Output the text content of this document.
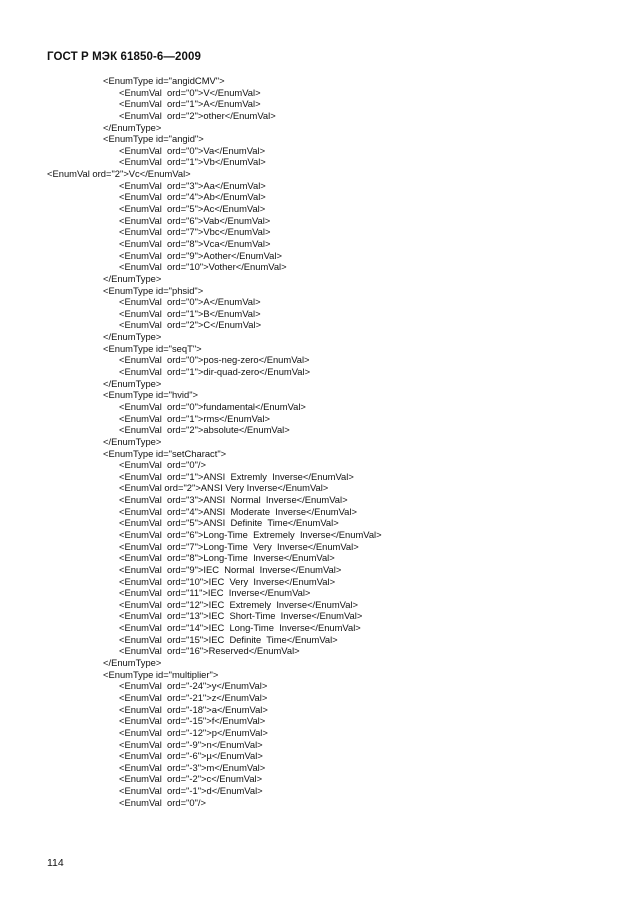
ГОСТ Р МЭК 61850-6—2009
<EnumType id="angidCMV">
<EnumVal  ord="0">V</EnumVal>
<EnumVal  ord="1">A</EnumVal>
<EnumVal  ord="2">other</EnumVal>
</EnumType>
<EnumType id="angid">
<EnumVal  ord="0">Va</EnumVal>
<EnumVal  ord="1">Vb</EnumVal>
<EnumVal ord="2">Vc</EnumVal>
<EnumVal  ord="3">Aa</EnumVal>
<EnumVal  ord="4">Ab</EnumVal>
<EnumVal  ord="5">Ac</EnumVal>
<EnumVal  ord="6">Vab</EnumVal>
<EnumVal  ord="7">Vbc</EnumVal>
<EnumVal  ord="8">Vca</EnumVal>
<EnumVal  ord="9">Aother</EnumVal>
<EnumVal  ord="10">Vother</EnumVal>
</EnumType>
<EnumType id="phsid">
<EnumVal  ord="0">A</EnumVal>
<EnumVal  ord="1">B</EnumVal>
<EnumVal  ord="2">C</EnumVal>
</EnumType>
<EnumType id="seqT">
<EnumVal  ord="0">pos-neg-zero</EnumVal>
<EnumVal  ord="1">dir-quad-zero</EnumVal>
</EnumType>
<EnumType id="hvid">
<EnumVal  ord="0">fundamental</EnumVal>
<EnumVal  ord="1">rms</EnumVal>
<EnumVal  ord="2">absolute</EnumVal>
</EnumType>
<EnumType id="setCharact">
<EnumVal  ord="0"/>
<EnumVal  ord="1">ANSI  Extremly  Inverse</EnumVal>
<EnumVal ord="2">ANSI Very Inverse</EnumVal>
<EnumVal  ord="3">ANSI  Normal  Inverse</EnumVal>
<EnumVal  ord="4">ANSI  Moderate  Inverse</EnumVal>
<EnumVal  ord="5">ANSI  Definite  Time</EnumVal>
<EnumVal  ord="6">Long-Time  Extremely  Inverse</EnumVal>
<EnumVal  ord="7">Long-Time  Very  Inverse</EnumVal>
<EnumVal  ord="8">Long-Time  Inverse</EnumVal>
<EnumVal  ord="9">IEC  Normal  Inverse</EnumVal>
<EnumVal  ord="10">IEC  Very  Inverse</EnumVal>
<EnumVal  ord="11">IEC  Inverse</EnumVal>
<EnumVal  ord="12">IEC  Extremely  Inverse</EnumVal>
<EnumVal  ord="13">IEC  Short-Time  Inverse</EnumVal>
<EnumVal  ord="14">IEC  Long-Time  Inverse</EnumVal>
<EnumVal  ord="15">IEC  Definite  Time</EnumVal>
<EnumVal  ord="16">Reserved</EnumVal>
</EnumType>
<EnumType id="multiplier">
<EnumVal  ord="-24">y</EnumVal>
<EnumVal  ord="-21">z</EnumVal>
<EnumVal  ord="-18">a</EnumVal>
<EnumVal  ord="-15">f</EnumVal>
<EnumVal  ord="-12">p</EnumVal>
<EnumVal  ord="-9">n</EnumVal>
<EnumVal  ord="-6">µ</EnumVal>
<EnumVal  ord="-3">m</EnumVal>
<EnumVal  ord="-2">c</EnumVal>
<EnumVal  ord="-1">d</EnumVal>
<EnumVal  ord="0"/>
114
